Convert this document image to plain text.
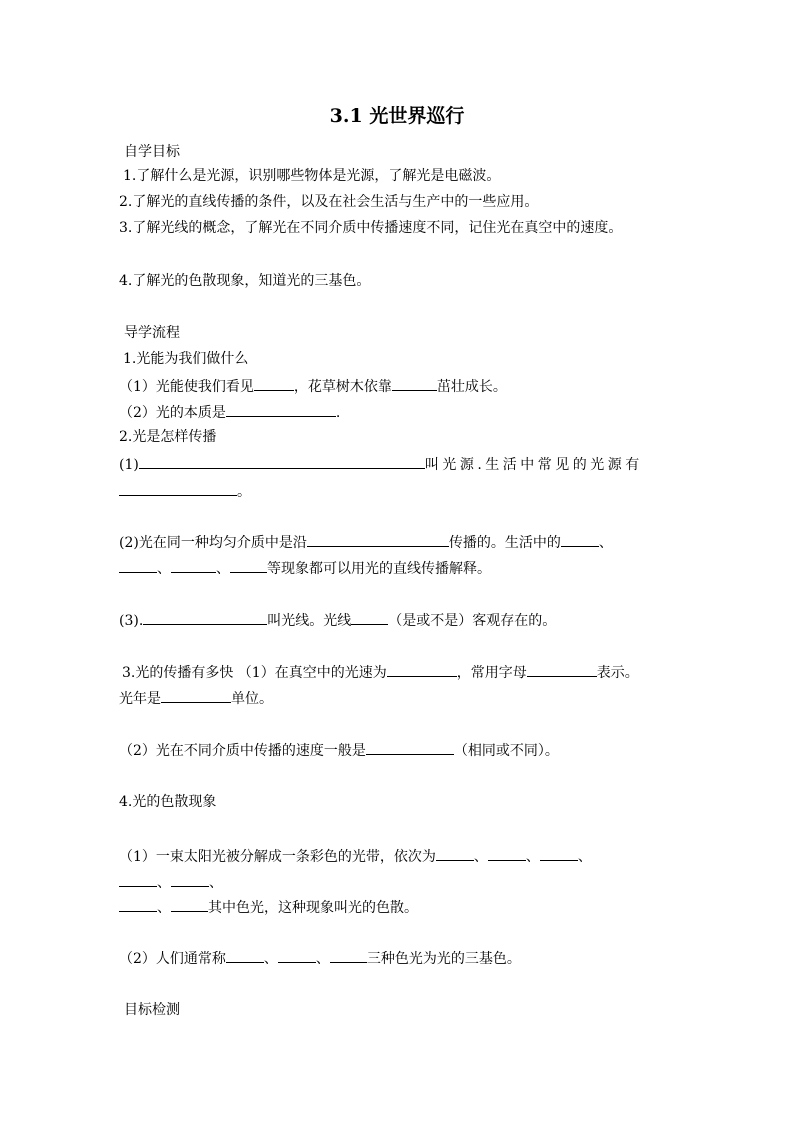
3.1 光世界巡行
自学目标
1.了解什么是光源，识别哪些物体是光源，了解光是电磁波。
2.了解光的直线传播的条件，以及在社会生活与生产中的一些应用。
3.了解光线的概念，了解光在不同介质中传播速度不同，记住光在真空中的速度。
4.了解光的色散现象，知道光的三基色。
导学流程
1.光能为我们做什么
（1）光能使我们看见	，花草树木依靠	茁壮成长。
（2）光的本质是	.
2.光是怎样传播
(1)	叫光源.生活中常见的光源有
。
(2)光在同一种均匀介质中是沿	传播的。生活中的	、
、	、	等现象都可以用光的直线传播解释。
(3).	叫光线。光线	（是或不是）客观存在的。
3.光的传播有多快 （1）在真空中的光速为	，常用字母	表示。
光年是	单位。
（2）光在不同介质中传播的速度一般是	（相同或不同）。
4.光的色散现象
（1）一束太阳光被分解成一条彩色的光带，依次为	、	、	、
、	、
、	其中色光，这种现象叫光的色散。
（2）人们通常称	、	、	三种色光为光的三基色。
目标检测
